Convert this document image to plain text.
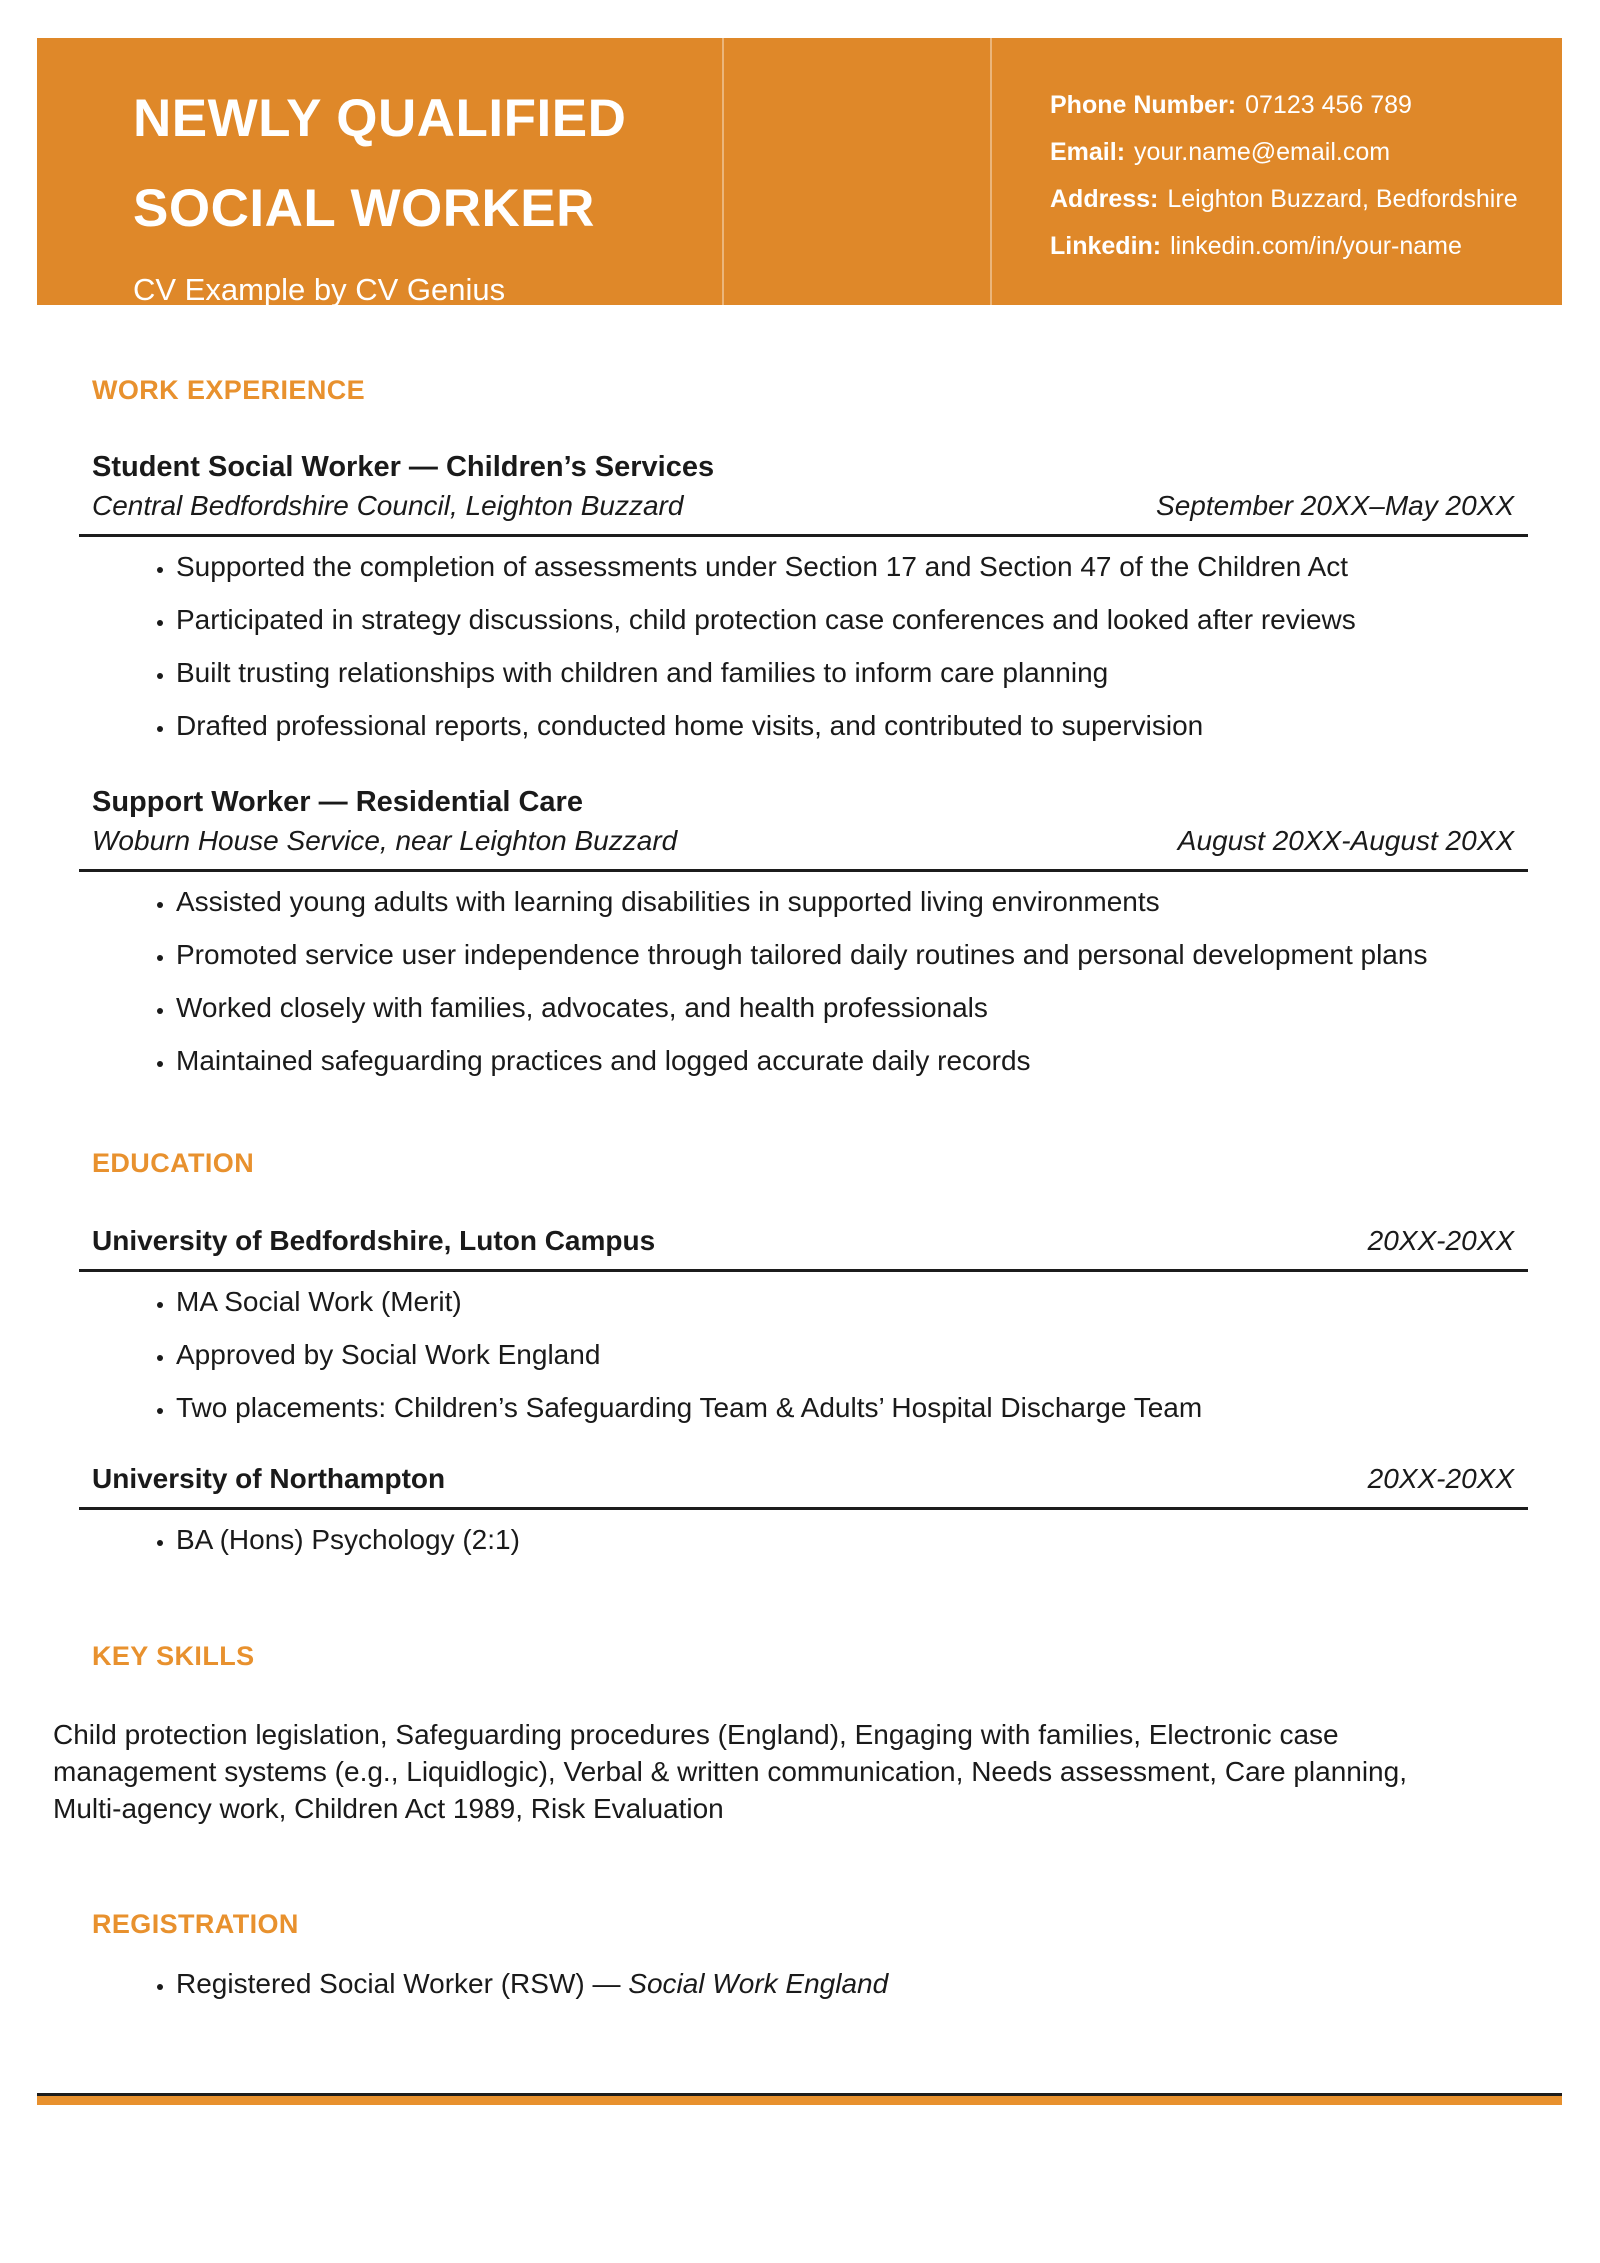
NEWLY QUALIFIED
SOCIAL WORKER
CV Example by CV Genius
Phone Number: 07123 456 789
Email: your.name@email.com
Address: Leighton Buzzard, Bedfordshire
Linkedin: linkedin.com/in/your-name
WORK EXPERIENCE
Student Social Worker — Children’s Services
Central Bedfordshire Council, Leighton Buzzard	September 20XX–May 20XX
• Supported the completion of assessments under Section 17 and Section 47 of the Children Act
• Participated in strategy discussions, child protection case conferences and looked after reviews
• Built trusting relationships with children and families to inform care planning
• Drafted professional reports, conducted home visits, and contributed to supervision
Support Worker — Residential Care
Woburn House Service, near Leighton Buzzard	August 20XX-August 20XX
• Assisted young adults with learning disabilities in supported living environments
• Promoted service user independence through tailored daily routines and personal development plans
• Worked closely with families, advocates, and health professionals
• Maintained safeguarding practices and logged accurate daily records
EDUCATION
University of Bedfordshire, Luton Campus	20XX-20XX
• MA Social Work (Merit)
• Approved by Social Work England
• Two placements: Children’s Safeguarding Team & Adults’ Hospital Discharge Team
University of Northampton	20XX-20XX
• BA (Hons) Psychology (2:1)
KEY SKILLS
Child protection legislation, Safeguarding procedures (England), Engaging with families, Electronic case
management systems (e.g., Liquidlogic), Verbal & written communication, Needs assessment, Care planning,
Multi-agency work, Children Act 1989, Risk Evaluation
REGISTRATION
• Registered Social Worker (RSW) — Social Work England
